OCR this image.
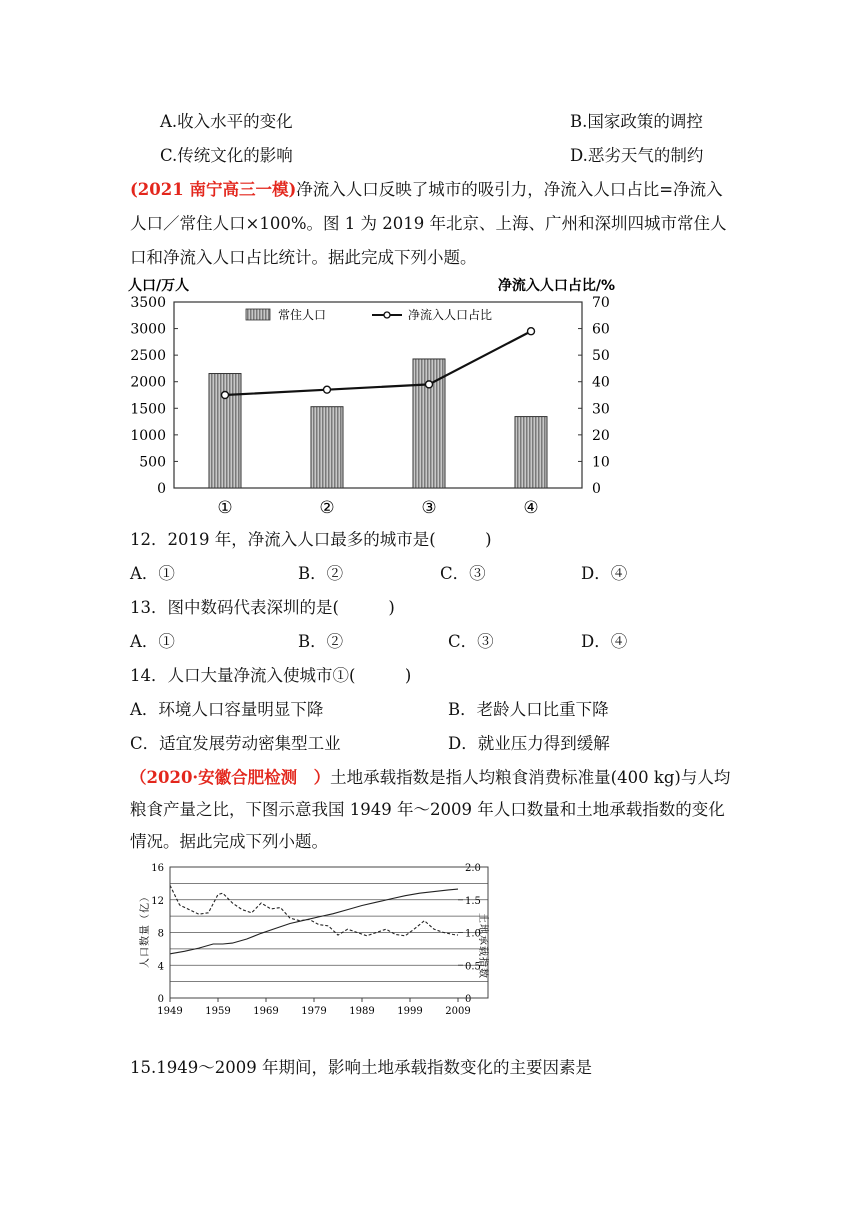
A.收入水平的变化	B.国家政策的调控
C.传统文化的影响	D.恶劣天气的制约
(2021 南宁高三一模)净流入人口反映了城市的吸引力，净流入人口占比=净流入
人口／常住人口×100%。图 1 为 2019 年北京、上海、广州和深圳四城市常住人
口和净流入人口占比统计。据此完成下列小题。
人口/万人	净流入人口占比/%
0
500
1000
1500
2000
2500
3000
3500
0
10
20
30
40
50
60
70
①	②	③	④
常住人口	净流入人口占比
12．2019 年，净流入人口最多的城市是(　　　)
A．①	B．②	C．③	D．④
13．图中数码代表深圳的是(　　　)
A．①	B．②	C．③	D．④
14．人口大量净流入使城市①(　　　)
A．环境人口容量明显下降	B．老龄人口比重下降
C．适宜发展劳动密集型工业	D．就业压力得到缓解
（2020·安徽合肥检测　）土地承载指数是指人均粮食消费标准量(400 kg)与人均
粮食产量之比，下图示意我国 1949 年～2009 年人口数量和土地承载指数的变化
情况。据此完成下列小题。
人口数量（亿）	土地承载指数
0
4
8
12
16
0
0.5
1.0
1.5
2.0
1949 1959 1969 1979 1989 1999 2009
15.1949～2009 年期间，影响土地承载指数变化的主要因素是
